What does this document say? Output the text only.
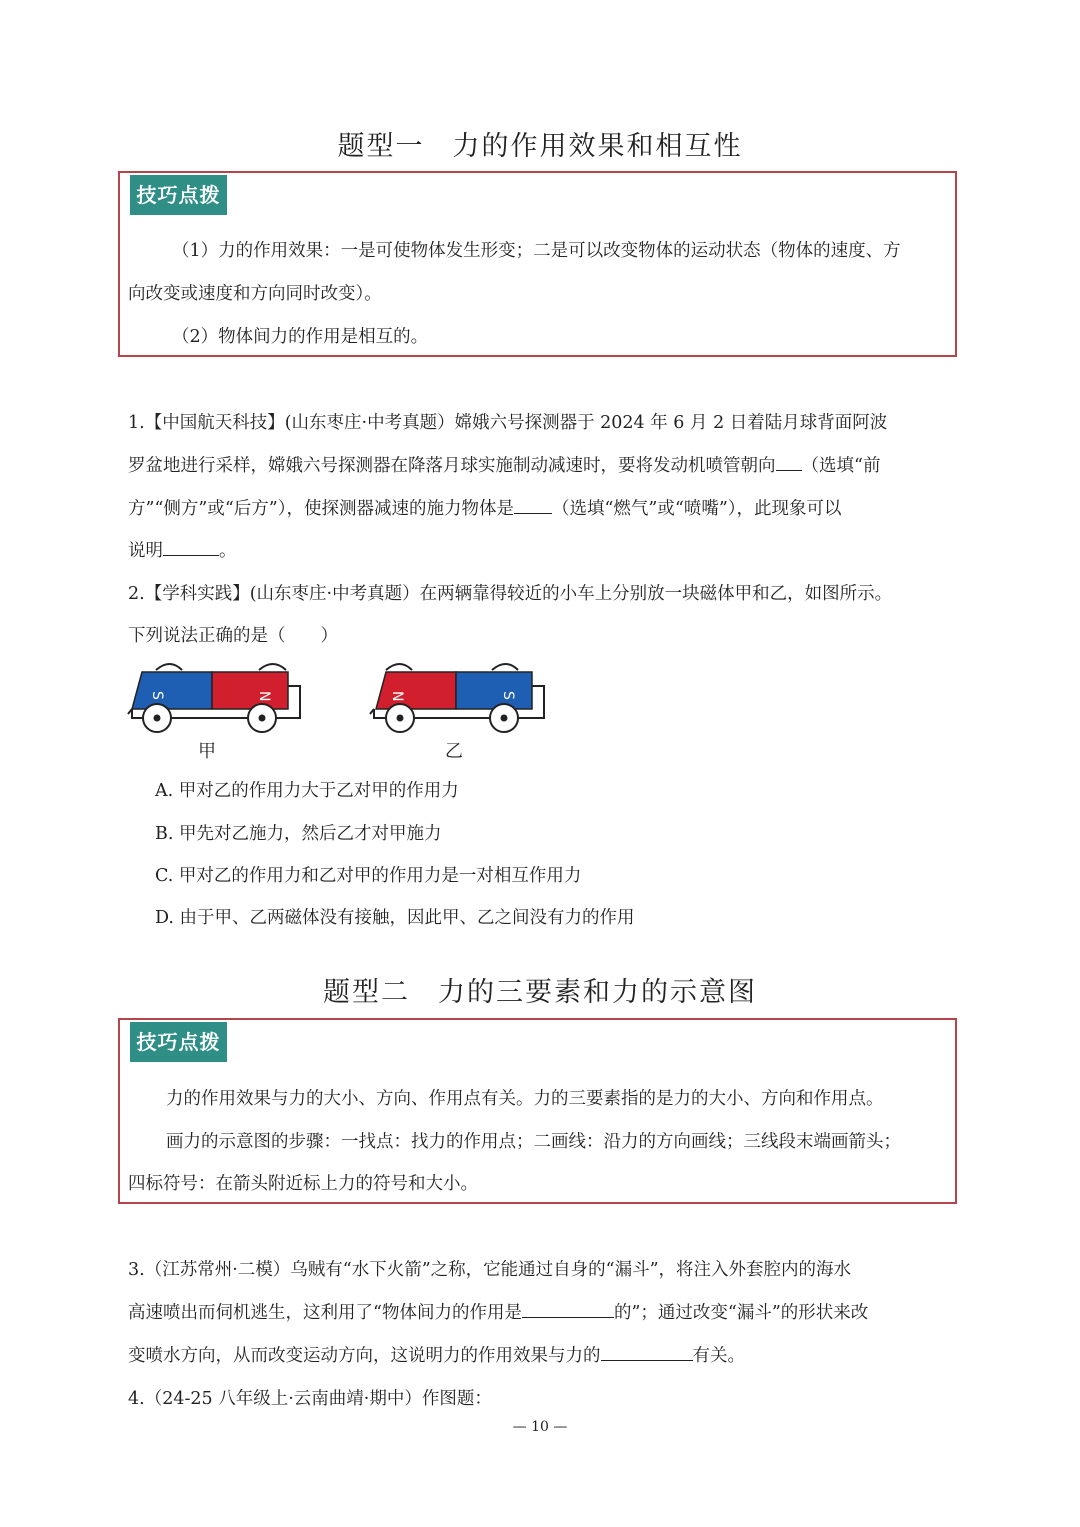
题型一 力的作用效果和相互性
技巧点拨
（1）力的作用效果：一是可使物体发生形变；二是可以改变物体的运动状态（物体的速度、方
向改变或速度和方向同时改变）。
（2）物体间力的作用是相互的。
1.【中国航天科技】(山东枣庄·中考真题）嫦娥六号探测器于 2024 年 6 月 2 日着陆月球背面阿波
罗盆地进行采样，嫦娥六号探测器在降落月球实施制动减速时，要将发动机喷管朝向 （选填“前
方”“侧方”或“后方”），使探测器减速的施力物体是 （选填“燃气”或“喷嘴”），此现象可以
说明	。
2.【学科实践】(山东枣庄·中考真题）在两辆靠得较近的小车上分别放一块磁体甲和乙，如图所示。
下列说法正确的是（　　）
S	N
甲
N	S
乙
A. 甲对乙的作用力大于乙对甲的作用力
B. 甲先对乙施力，然后乙才对甲施力
C. 甲对乙的作用力和乙对甲的作用力是一对相互作用力
D. 由于甲、乙两磁体没有接触，因此甲、乙之间没有力的作用
题型二 力的三要素和力的示意图
技巧点拨
力的作用效果与力的大小、方向、作用点有关。力的三要素指的是力的大小、方向和作用点。
画力的示意图的步骤：一找点：找力的作用点；二画线：沿力的方向画线；三线段末端画箭头；
四标符号：在箭头附近标上力的符号和大小。
3.（江苏常州·二模）乌贼有“水下火箭”之称，它能通过自身的“漏斗”，将注入外套腔内的海水
高速喷出而伺机逃生，这利用了“物体间力的作用是	的”；通过改变“漏斗”的形状来改
变喷水方向，从而改变运动方向，这说明力的作用效果与力的	有关。
4.（24-25 八年级上·云南曲靖·期中）作图题：
— 10 —
